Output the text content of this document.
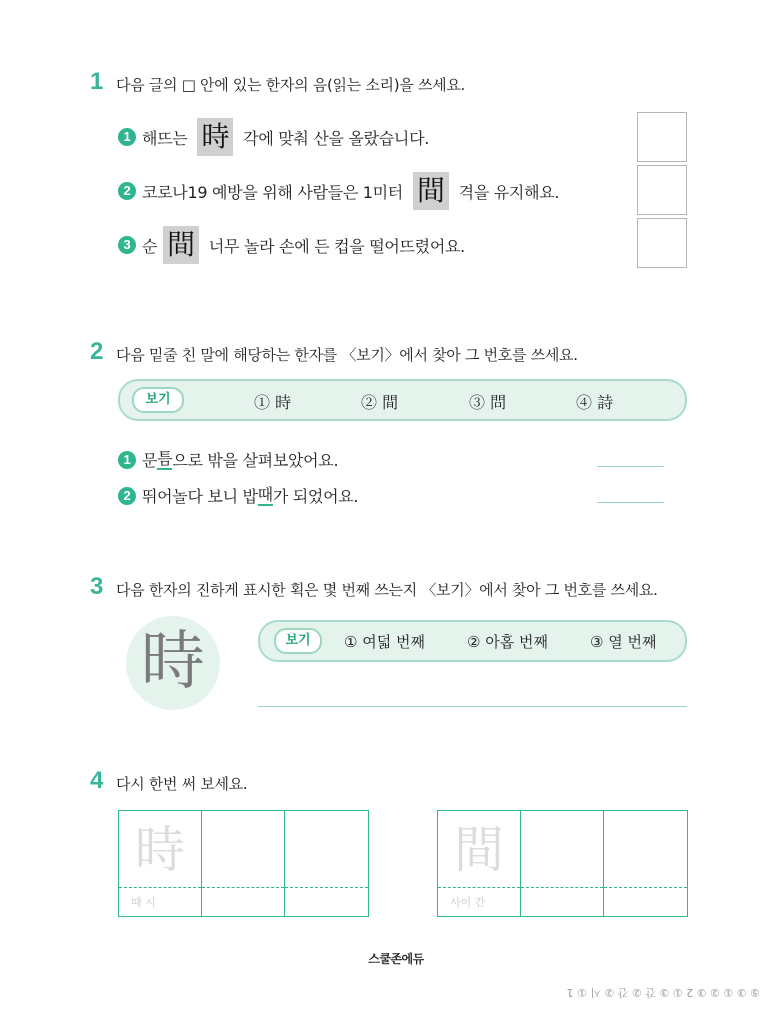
1 다음 글의 □ 안에 있는 한자의 음(읽는 소리)을 쓰세요.
1 해뜨는 時 각에 맞춰 산을 올랐습니다.
2 코로나19 예방을 위해 사람들은 1미터 間 격을 유지해요.
3 순 間 너무 놀라 손에 든 컵을 떨어뜨렸어요.
2 다음 밑줄 친 말에 해당하는 한자를 〈보기〉에서 찾아 그 번호를 쓰세요.
보기	① 時	② 間	③ 問	④ 詩
1 문 틈 으로 밖을 살펴보았어요.
2 뛰어놀다 보니 밥 때 가 되었어요.
3 다음 한자의 진하게 표시한 획은 몇 번째 쓰는지 〈보기〉에서 찾아 그 번호를 쓰세요.
時	보기	① 여덟 번째	② 아홉 번째	③ 열 번째
4 다시 한번 써 보세요.
時
때 시
間
사이 간
스쿨존에듀
⑤ ③ ① ② ③ 2 ① ③ 간 ② 간 ② 시 ① 1
